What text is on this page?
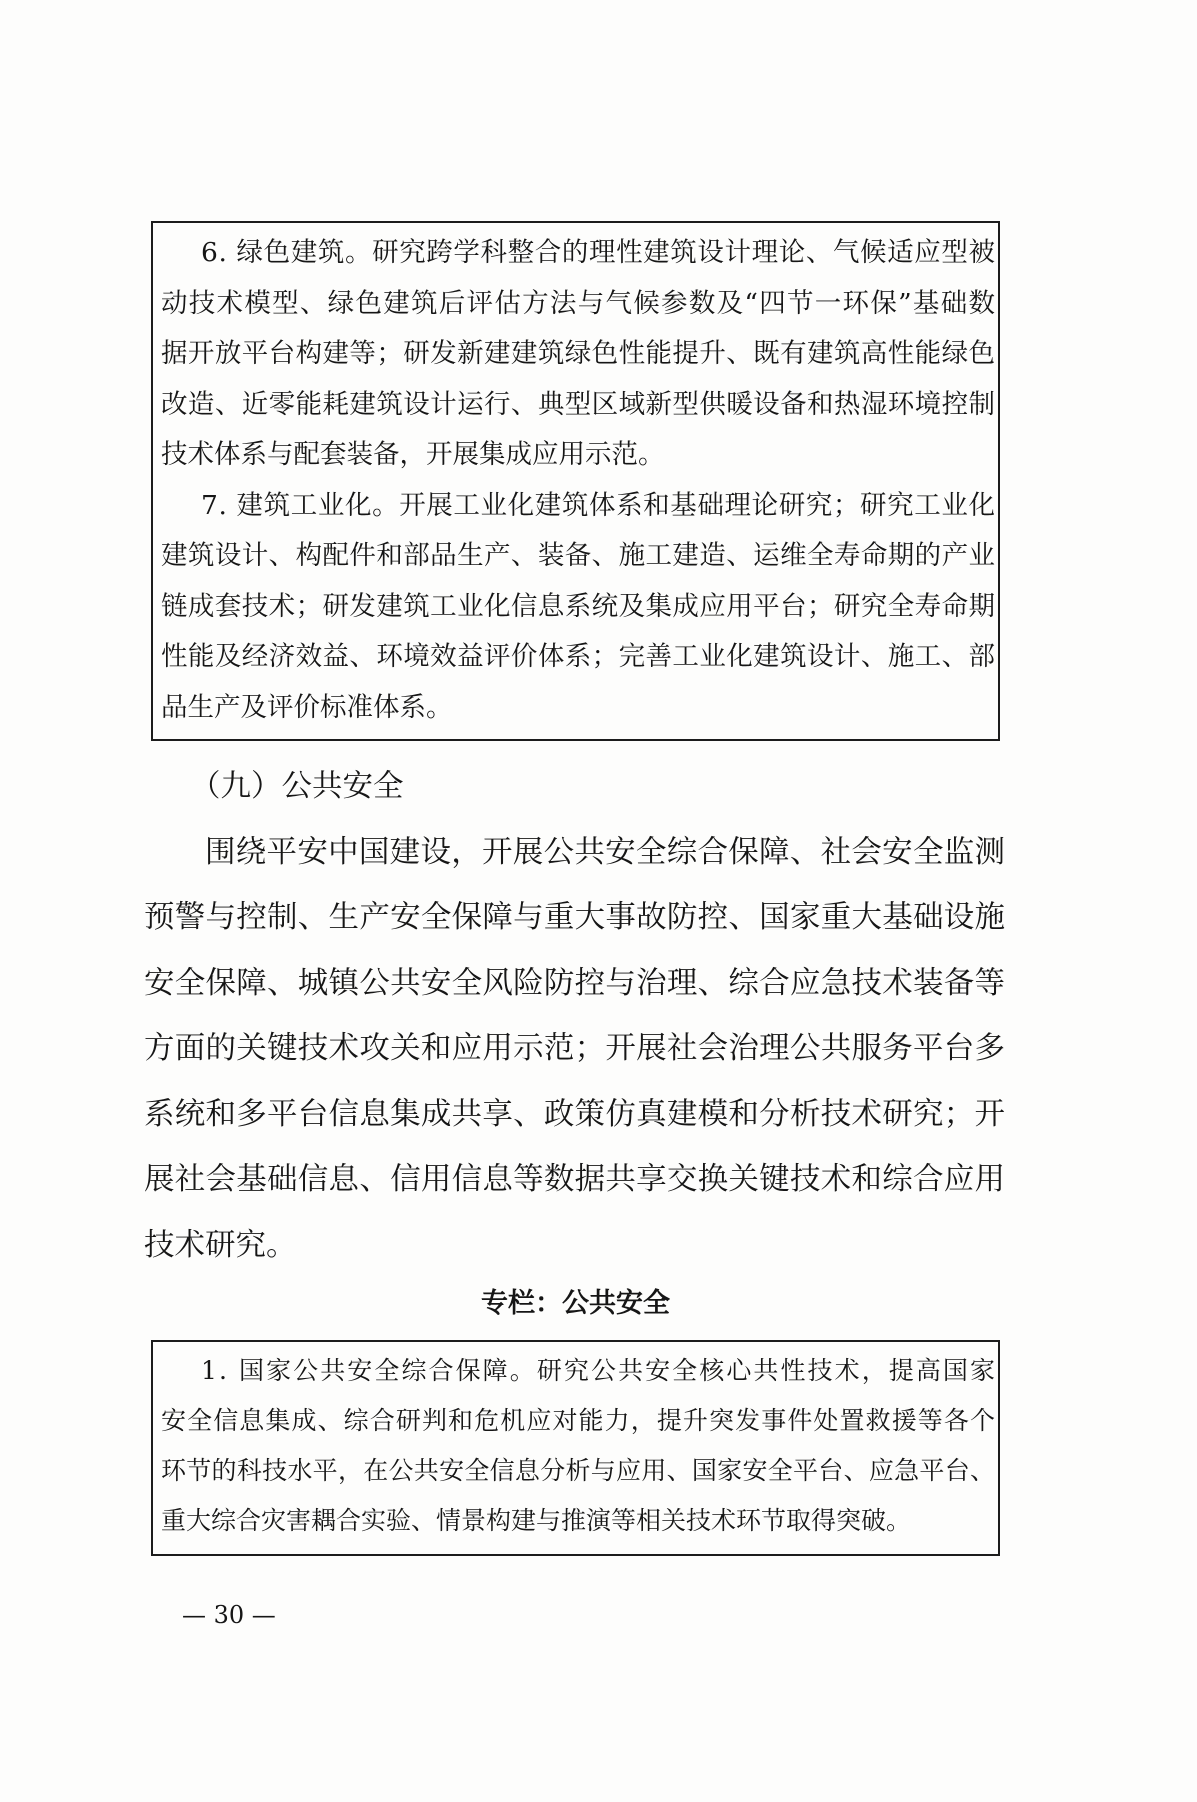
6. 绿色建筑。研究跨学科整合的理性建筑设计理论、气候适应型被
动技术模型、绿色建筑后评估方法与气候参数及“四节一环保”基础数
据开放平台构建等；研发新建建筑绿色性能提升、既有建筑高性能绿色
改造、近零能耗建筑设计运行、典型区域新型供暖设备和热湿环境控制
技术体系与配套装备，开展集成应用示范。
7. 建筑工业化。开展工业化建筑体系和基础理论研究；研究工业化
建筑设计、构配件和部品生产、装备、施工建造、运维全寿命期的产业
链成套技术；研发建筑工业化信息系统及集成应用平台；研究全寿命期
性能及经济效益、环境效益评价体系；完善工业化建筑设计、施工、部
品生产及评价标准体系。
（九）公共安全
围绕平安中国建设，开展公共安全综合保障、社会安全监测
预警与控制、生产安全保障与重大事故防控、国家重大基础设施
安全保障、城镇公共安全风险防控与治理、综合应急技术装备等
方面的关键技术攻关和应用示范；开展社会治理公共服务平台多
系统和多平台信息集成共享、政策仿真建模和分析技术研究；开
展社会基础信息、信用信息等数据共享交换关键技术和综合应用
技术研究。
专栏：公共安全
1. 国家公共安全综合保障。研究公共安全核心共性技术，提高国家
安全信息集成、综合研判和危机应对能力，提升突发事件处置救援等各个
环节的科技水平，在公共安全信息分析与应用、国家安全平台、应急平台、
重大综合灾害耦合实验、情景构建与推演等相关技术环节取得突破。
— 30 —
